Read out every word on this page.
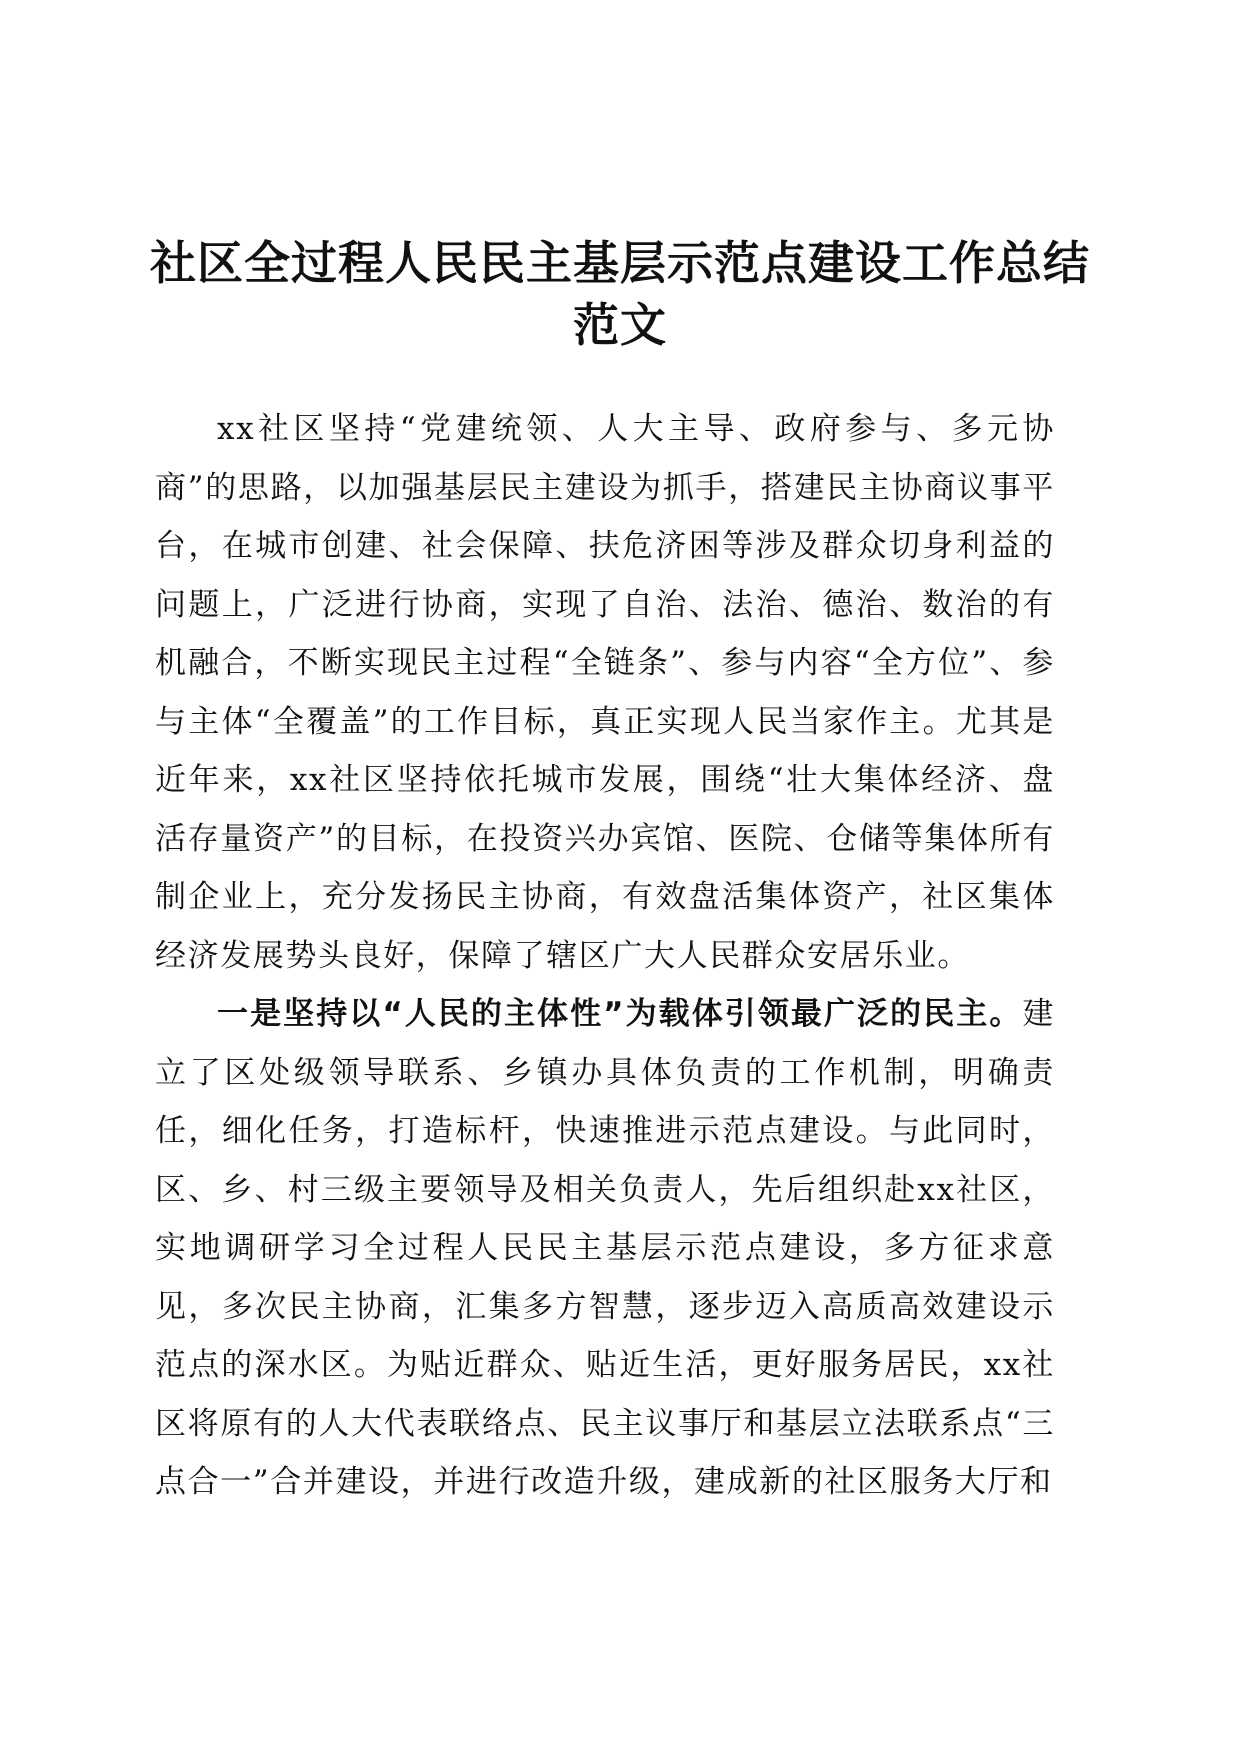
社区全过程人民民主基层示范点建设工作总结范文

xx社区坚持“党建统领、人大主导、政府参与、多元协商”的思路，以加强基层民主建设为抓手，搭建民主协商议事平台，在城市创建、社会保障、扶危济困等涉及群众切身利益的问题上，广泛进行协商，实现了自治、法治、德治、数治的有机融合，不断实现民主过程“全链条”、参与内容“全方位”、参与主体“全覆盖”的工作目标，真正实现人民当家作主。尤其是近年来，xx社区坚持依托城市发展，围绕“壮大集体经济、盘活存量资产”的目标，在投资兴办宾馆、医院、仓储等集体所有制企业上，充分发扬民主协商，有效盘活集体资产，社区集体经济发展势头良好，保障了辖区广大人民群众安居乐业。

一是坚持以“人民的主体性”为载体引领最广泛的民主。建立了区处级领导联系、乡镇办具体负责的工作机制，明确责任，细化任务，打造标杆，快速推进示范点建设。与此同时，区、乡、村三级主要领导及相关负责人，先后组织赴xx社区，实地调研学习全过程人民民主基层示范点建设，多方征求意见，多次民主协商，汇集多方智慧，逐步迈入高质高效建设示范点的深水区。为贴近群众、贴近生活，更好服务居民，xx社区将原有的人大代表联络点、民主议事厅和基层立法联系点“三点合一”合并建设，并进行改造升级，建成新的社区服务大厅和
